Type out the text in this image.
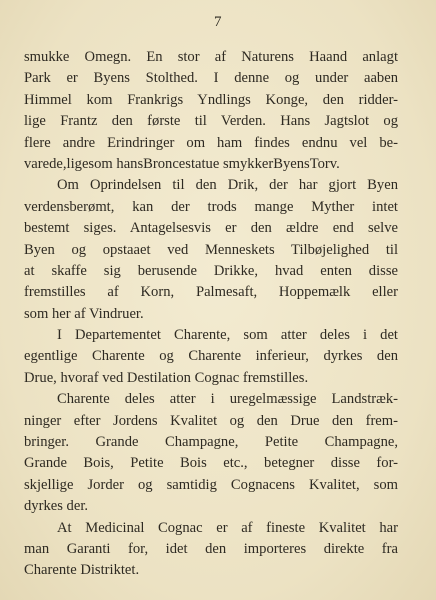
7
smukke Omegn. En stor af Naturens Haand anlagt
Park er Byens Stolthed. I denne og under aaben
Himmel kom Frankrigs Yndlings Konge, den ridder-
lige Frantz den første til Verden. Hans Jagtslot og
flere andre Erindringer om ham findes endnu vel be-
varede,ligesom hansBroncestatue smykkerByensTorv.
Om Oprindelsen til den Drik, der har gjort Byen
verdensberømt, kan der trods mange Myther intet
bestemt siges. Antagelsesvis er den ældre end selve
Byen og opstaaet ved Menneskets Tilbøjelighed til
at skaffe sig berusende Drikke, hvad enten disse
fremstilles af Korn, Palmesaft, Hoppemælk eller
som her af Vindruer.
I Departementet Charente, som atter deles i det
egentlige Charente og Charente inferieur, dyrkes den
Drue, hvoraf ved Destilation Cognac fremstilles.
Charente deles atter i uregelmæssige Landstræk-
ninger efter Jordens Kvalitet og den Drue den frem-
bringer. Grande Champagne, Petite Champagne,
Grande Bois, Petite Bois etc., betegner disse for-
skjellige Jorder og samtidig Cognacens Kvalitet, som
dyrkes der.
At Medicinal Cognac er af fineste Kvalitet har
man Garanti for, idet den importeres direkte fra
Charente Distriktet.
